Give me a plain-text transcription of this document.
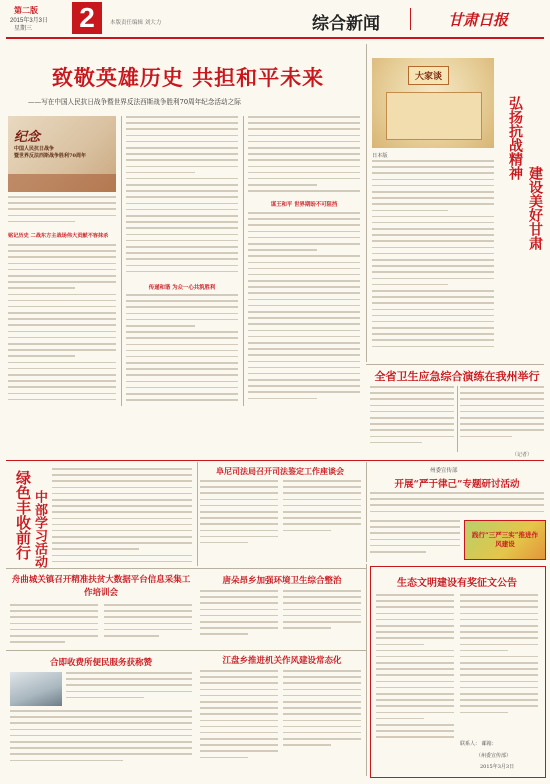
第二版
2015年3月3日
星期三 2	本版责任编辑 刘大力	综合新闻	甘肃日报
致敬英雄历史 共担和平未来
——写在中国人民抗日战争暨世界反法西斯战争胜利70周年纪念活动之际
纪念
中国人民抗日战争
暨世界反法西斯战争胜利70周年
铭记历史 二战东方主战场伟大贡献不容抹杀
传递和谐 为众一心共筑胜利
谋王和平 世界期盼不可阻挡
大家谈
日本版	弘扬抗战精神
建设美好甘肃
全省卫生应急综合演练在我州举行
（记者）
绿色丰收前行 中部学习活动
阜尼司法局召开司法鉴定工作座谈会	州委宣传部
开展“严于律己”专题研讨活动
践行“三严三实”推进作风建设
唐朵昂乡加强环境卫生综合整治
舟曲城关镇召开精准扶贫大数据平台信息采集工作培训会
江盘乡推进机关作风建设常态化
合即收费所便民服务获称赞
生态文明建设有奖征文公告
联系人： 邮箱：
（州委宣传部）
2015年3月3日
